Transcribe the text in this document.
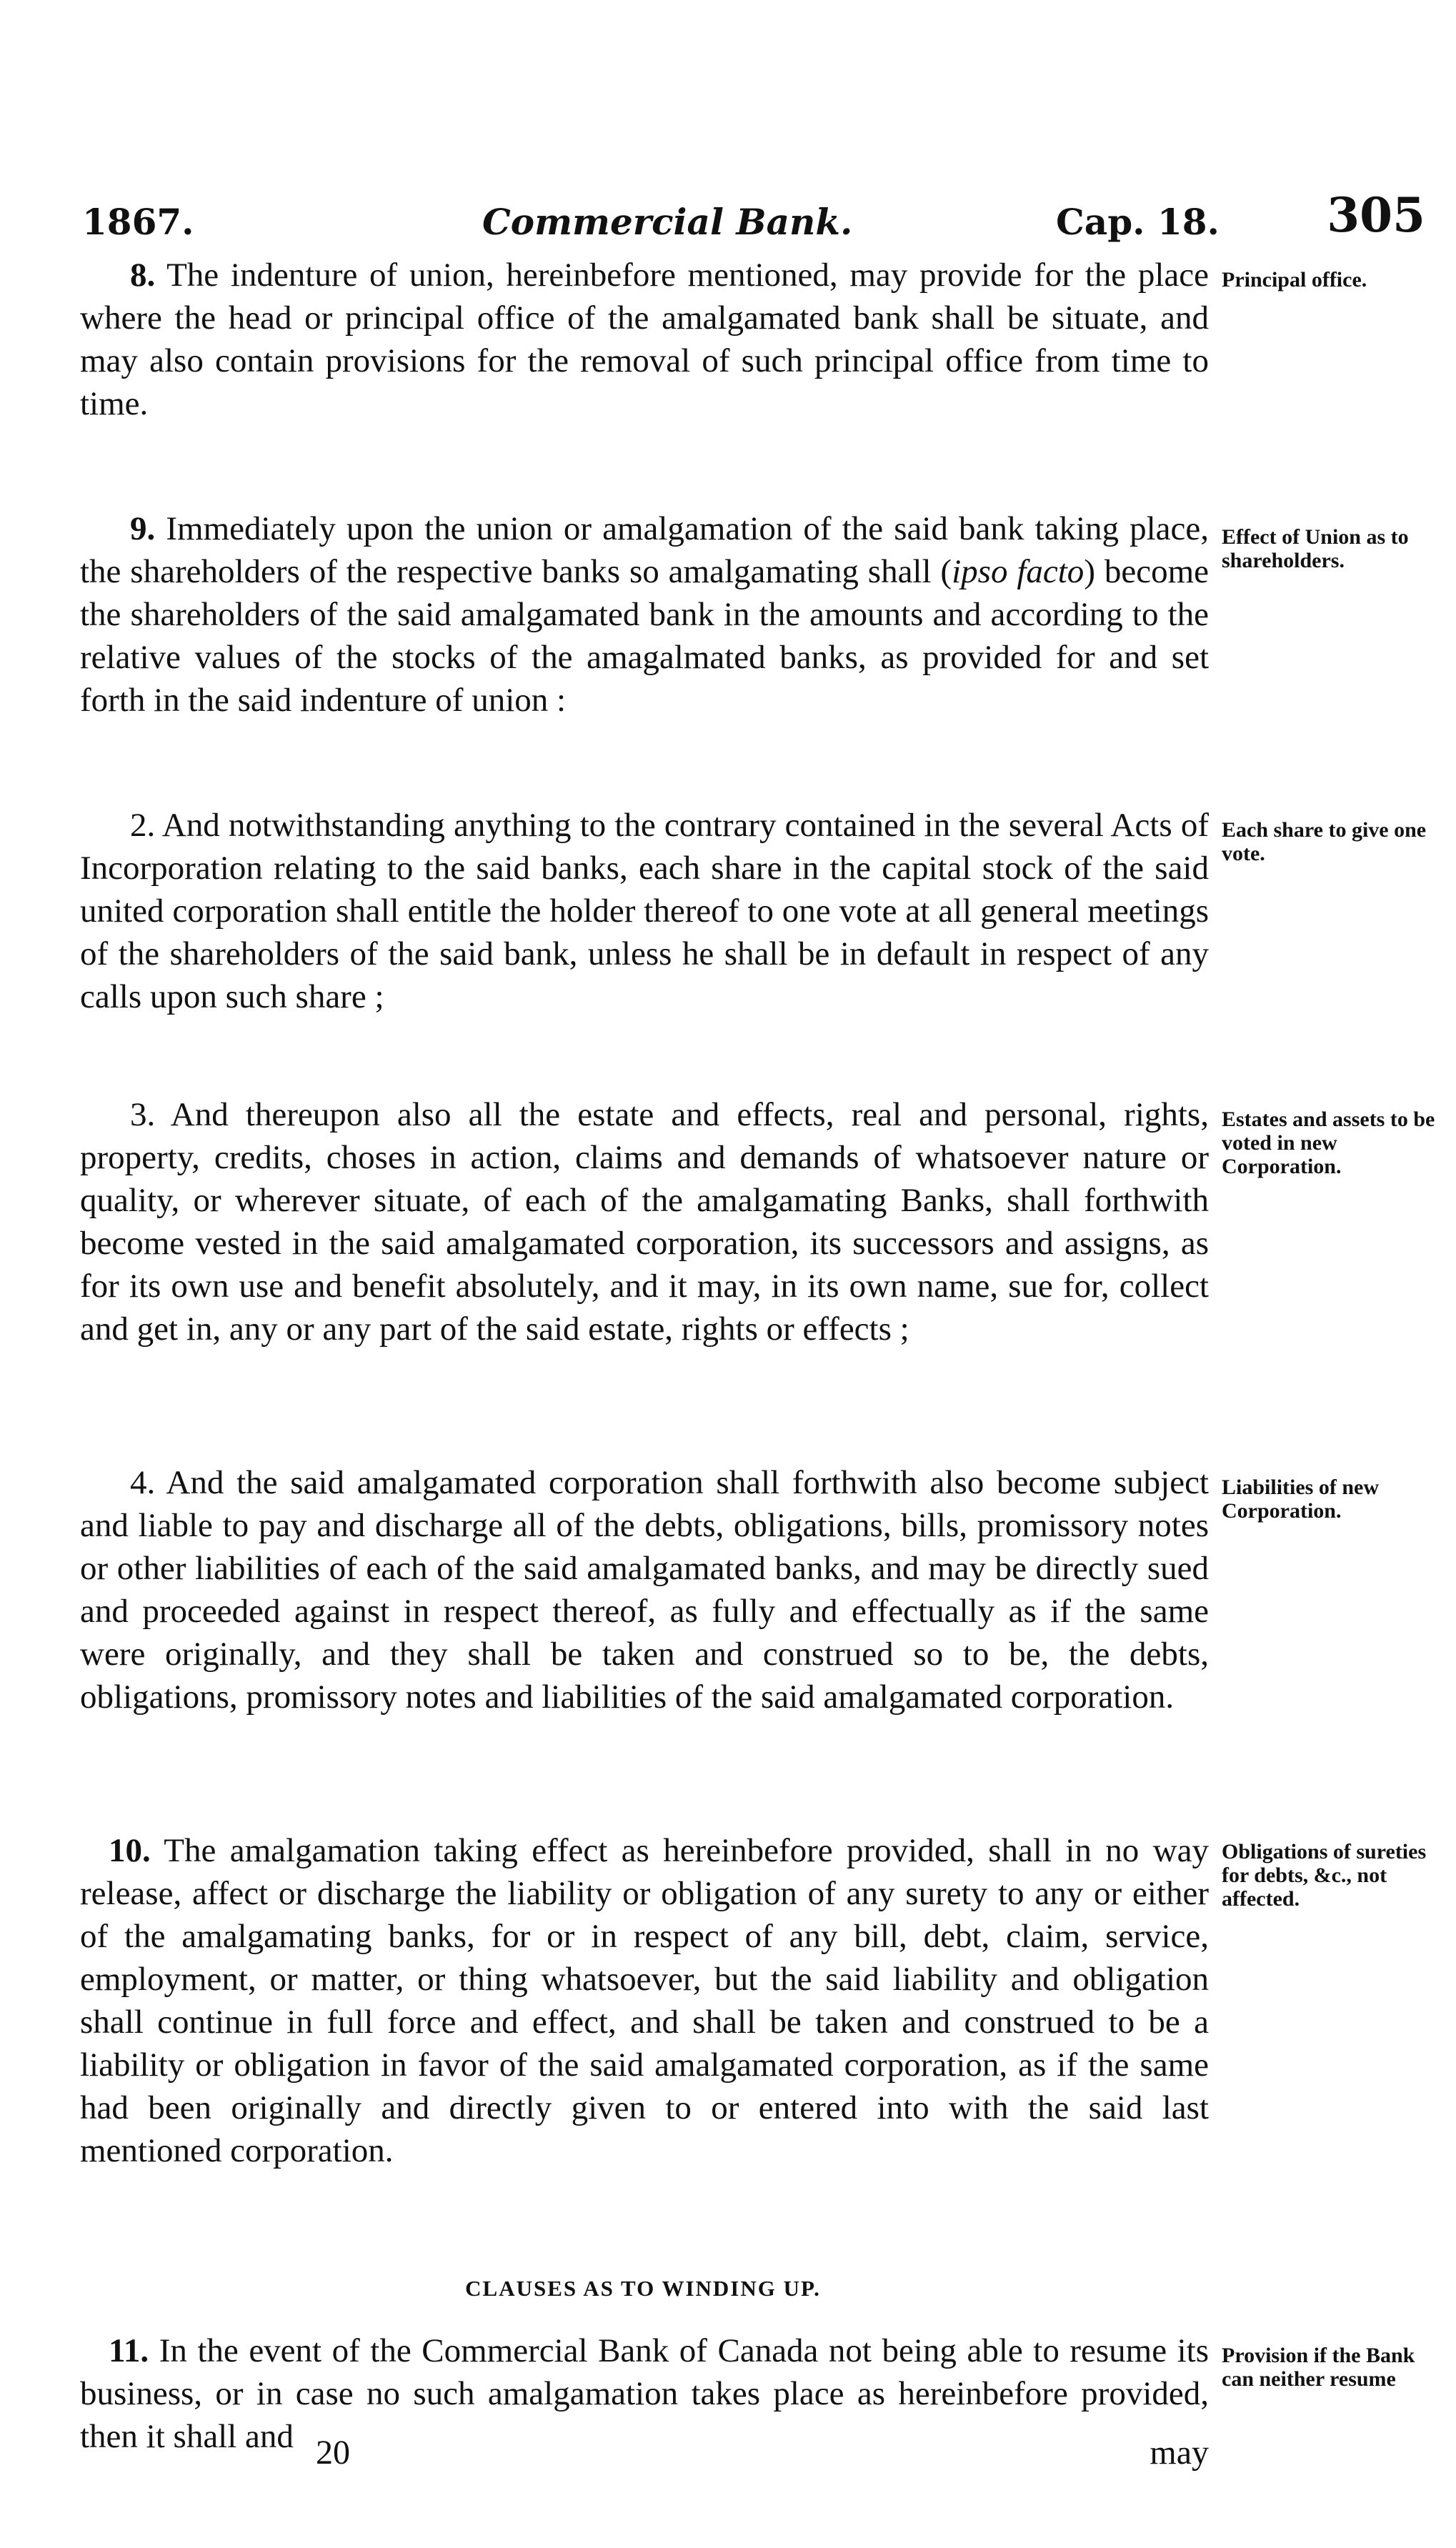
1867.	Commercial Bank.	Cap. 18. 305

8. The indenture of union, hereinbefore mentioned, may provide for the place where the head or principal office of the amalgamated bank shall be situate, and may also contain provisions for the removal of such principal office from time to time.

Principal office.

9. Immediately upon the union or amalgamation of the said bank taking place, the shareholders of the respective banks so amalgamating shall (ipso facto) become the shareholders of the said amalgamated bank in the amounts and according to the relative values of the stocks of the amagalmated banks, as provided for and set forth in the said indenture of union :

Effect of Union as to shareholders.

2. And notwithstanding anything to the contrary contained in the several Acts of Incorporation relating to the said banks, each share in the capital stock of the said united corporation shall entitle the holder thereof to one vote at all general meetings of the shareholders of the said bank, unless he shall be in default in respect of any calls upon such share ;

Each share to give one vote.

3. And thereupon also all the estate and effects, real and personal, rights, property, credits, choses in action, claims and demands of whatsoever nature or quality, or wherever situate, of each of the amalgamating Banks, shall forthwith become vested in the said amalgamated corporation, its successors and assigns, as for its own use and benefit absolutely, and it may, in its own name, sue for, collect and get in, any or any part of the said estate, rights or effects ;

Estates and assets to be voted in new Corporation.

4. And the said amalgamated corporation shall forthwith also become subject and liable to pay and discharge all of the debts, obligations, bills, promissory notes or other liabilities of each of the said amalgamated banks, and may be directly sued and proceeded against in respect thereof, as fully and effectually as if the same were originally, and they shall be taken and construed so to be, the debts, obligations, promissory notes and liabilities of the said amalgamated corporation.

Liabilities of new Corporation.

10. The amalgamation taking effect as hereinbefore provided, shall in no way release, affect or discharge the liability or obligation of any surety to any or either of the amalgamating banks, for or in respect of any bill, debt, claim, service, employment, or matter, or thing whatsoever, but the said liability and obligation shall continue in full force and effect, and shall be taken and construed to be a liability or obligation in favor of the said amalgamated corporation, as if the same had been originally and directly given to or entered into with the said last mentioned corporation.

Obligations of sureties for debts, &c., not affected.
CLAUSES AS TO WINDING UP.

11. In the event of the Commercial Bank of Canada not being able to resume its business, or in case no such amalgamation takes place as hereinbefore provided, then it shall and

Provision if the Bank can neither resume
20	may
